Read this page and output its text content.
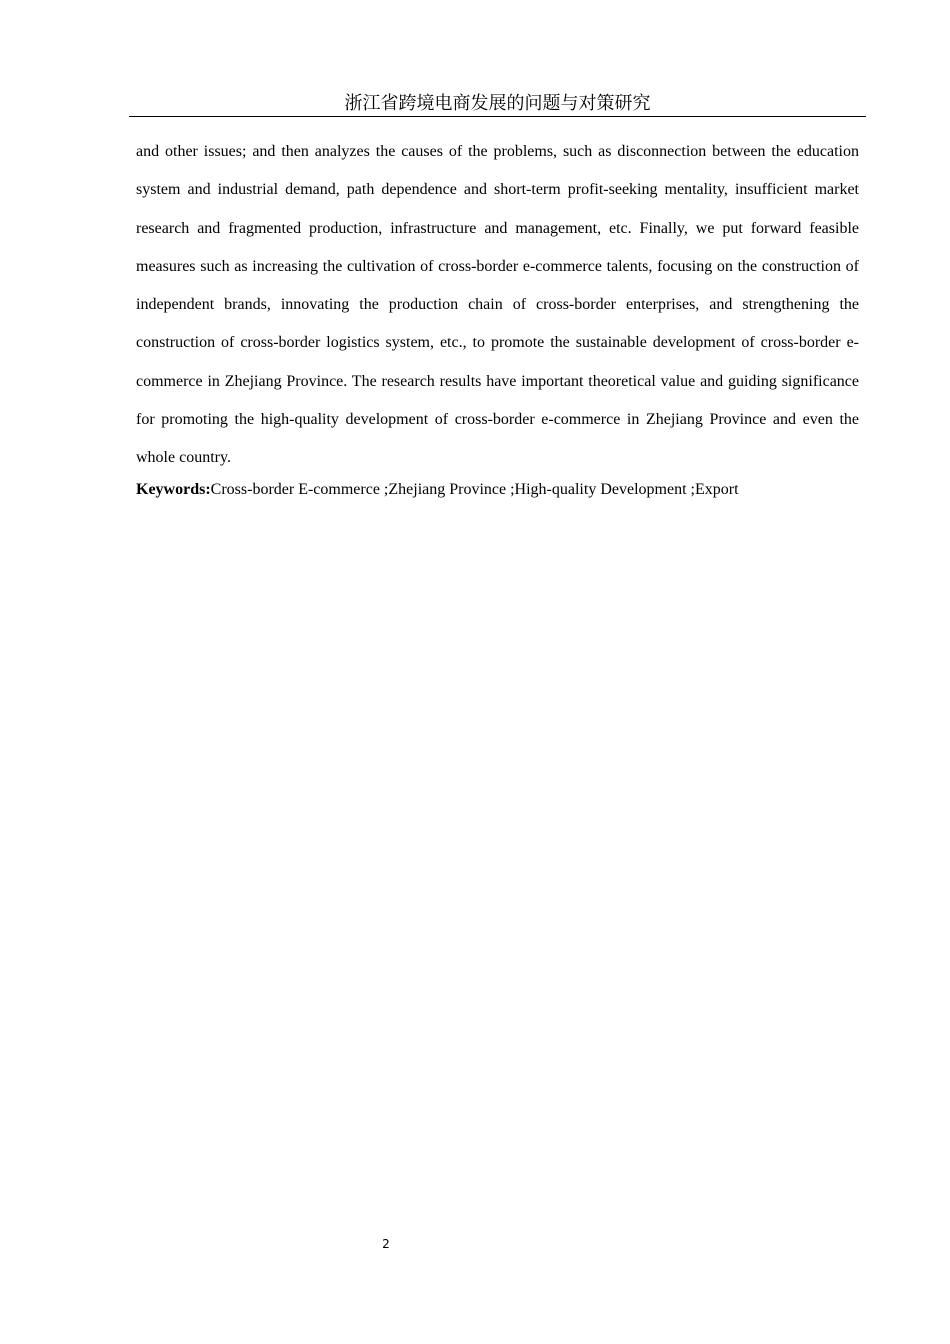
浙江省跨境电商发展的问题与对策研究

and other issues; and then analyzes the causes of the problems, such as disconnection between the education system and industrial demand, path dependence and short-term profit-seeking mentality, insufficient market research and fragmented production, infrastructure and management, etc. Finally, we put forward feasible measures such as increasing the cultivation of cross-border e-commerce talents, focusing on the construction of independent brands, innovating the production chain of cross-border enterprises, and strengthening the construction of cross-border logistics system, etc., to promote the sustainable development of cross-border e-commerce in Zhejiang Province. The research results have important theoretical value and guiding significance for promoting the high-quality development of cross-border e-commerce in Zhejiang Province and even the whole country.

Keywords:Cross-border E-commerce ;Zhejiang Province ;High-quality Development ;Export

2
